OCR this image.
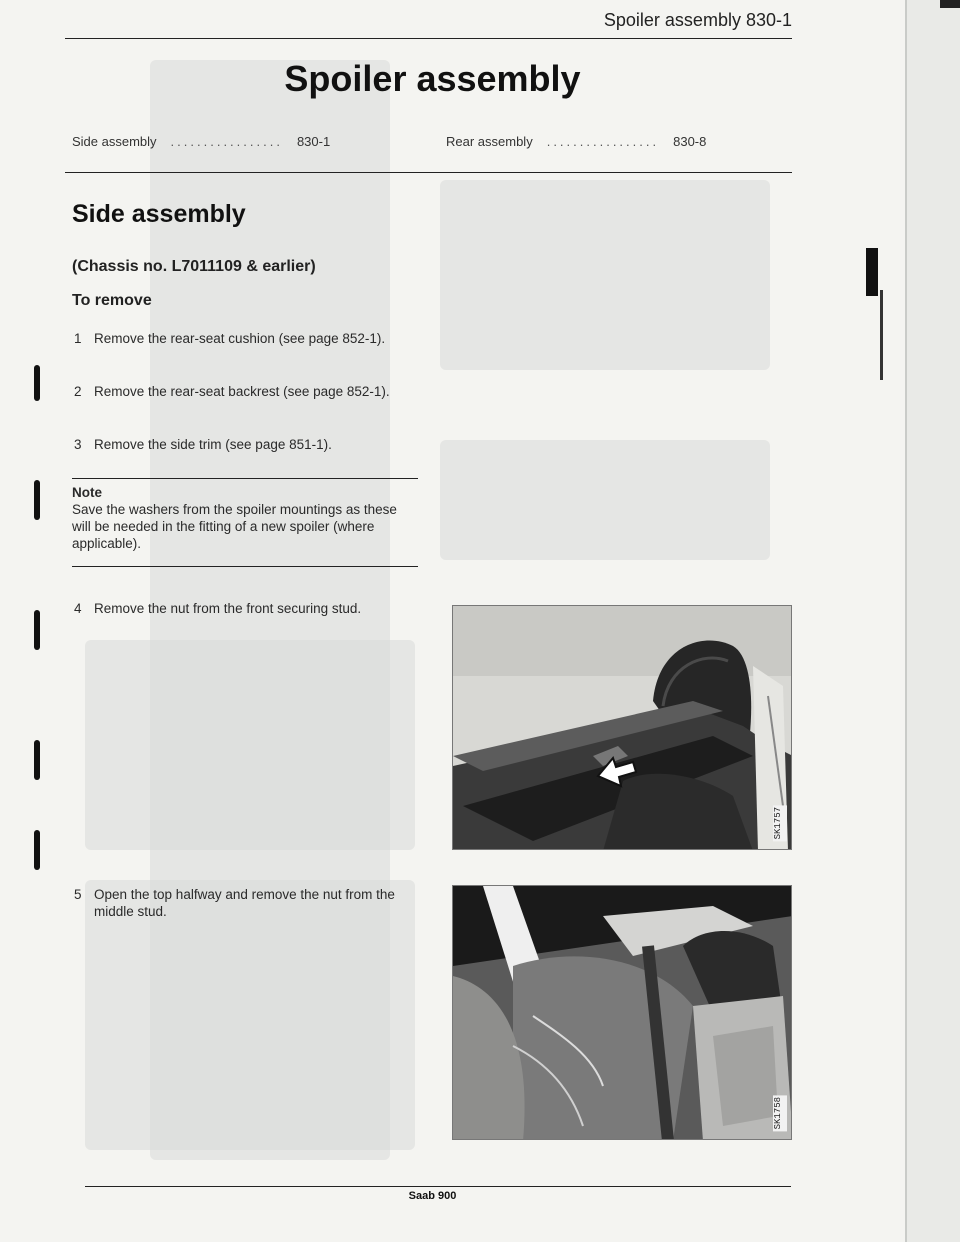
Spoiler assembly 830-1
Spoiler assembly
Side assembly ................. 830-1	Rear assembly ................. 830-8
Side assembly
(Chassis no. L7011109 & earlier)
To remove
1 Remove the rear-seat cushion (see page 852-1).
2 Remove the rear-seat backrest (see page 852-1).
3 Remove the side trim (see page 851-1).
Note
Save the washers from the spoiler mountings as these will be needed in the fitting of a new spoiler (where applicable).
4 Remove the nut from the front securing stud.
5 Open the top halfway and remove the nut from the middle stud.
SK1757
SK1758
Saab 900
